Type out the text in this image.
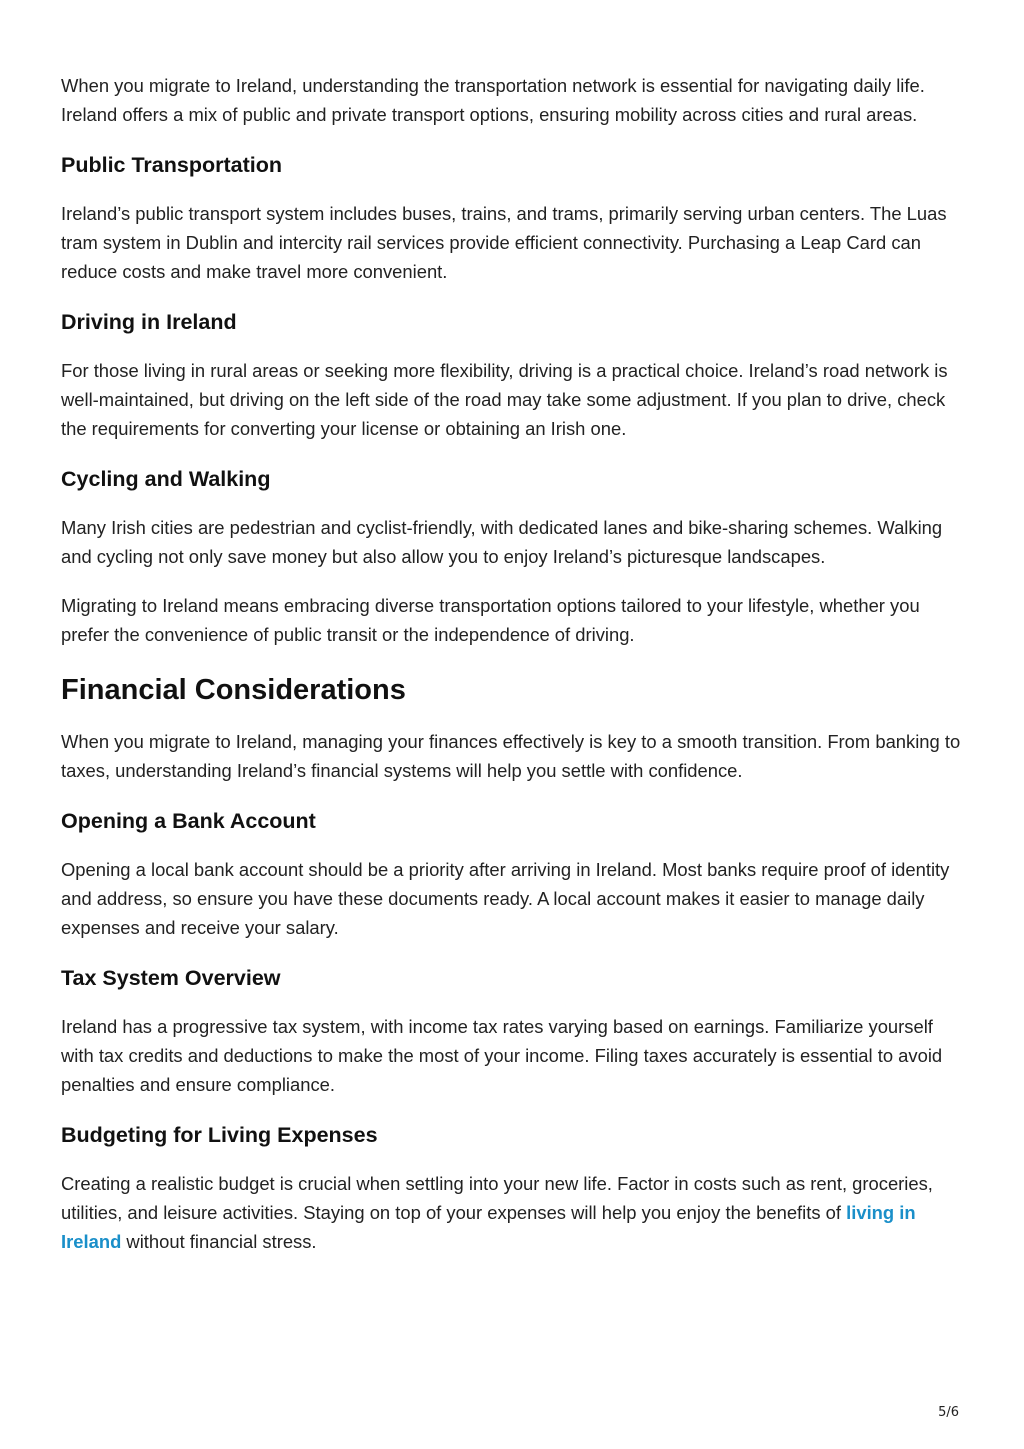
When you migrate to Ireland, understanding the transportation network is essential for navigating daily life. Ireland offers a mix of public and private transport options, ensuring mobility across cities and rural areas.

Public Transportation

Ireland’s public transport system includes buses, trains, and trams, primarily serving urban centers. The Luas tram system in Dublin and intercity rail services provide efficient connectivity. Purchasing a Leap Card can reduce costs and make travel more convenient.

Driving in Ireland

For those living in rural areas or seeking more flexibility, driving is a practical choice. Ireland’s road network is well-maintained, but driving on the left side of the road may take some adjustment. If you plan to drive, check the requirements for converting your license or obtaining an Irish one.

Cycling and Walking

Many Irish cities are pedestrian and cyclist-friendly, with dedicated lanes and bike-sharing schemes. Walking and cycling not only save money but also allow you to enjoy Ireland’s picturesque landscapes.

Migrating to Ireland means embracing diverse transportation options tailored to your lifestyle, whether you prefer the convenience of public transit or the independence of driving.

Financial Considerations

When you migrate to Ireland, managing your finances effectively is key to a smooth transition. From banking to taxes, understanding Ireland’s financial systems will help you settle with confidence.

Opening a Bank Account

Opening a local bank account should be a priority after arriving in Ireland. Most banks require proof of identity and address, so ensure you have these documents ready. A local account makes it easier to manage daily expenses and receive your salary.

Tax System Overview

Ireland has a progressive tax system, with income tax rates varying based on earnings. Familiarize yourself with tax credits and deductions to make the most of your income. Filing taxes accurately is essential to avoid penalties and ensure compliance.

Budgeting for Living Expenses

Creating a realistic budget is crucial when settling into your new life. Factor in costs such as rent, groceries, utilities, and leisure activities. Staying on top of your expenses will help you enjoy the benefits of living in Ireland without financial stress.

5/6
